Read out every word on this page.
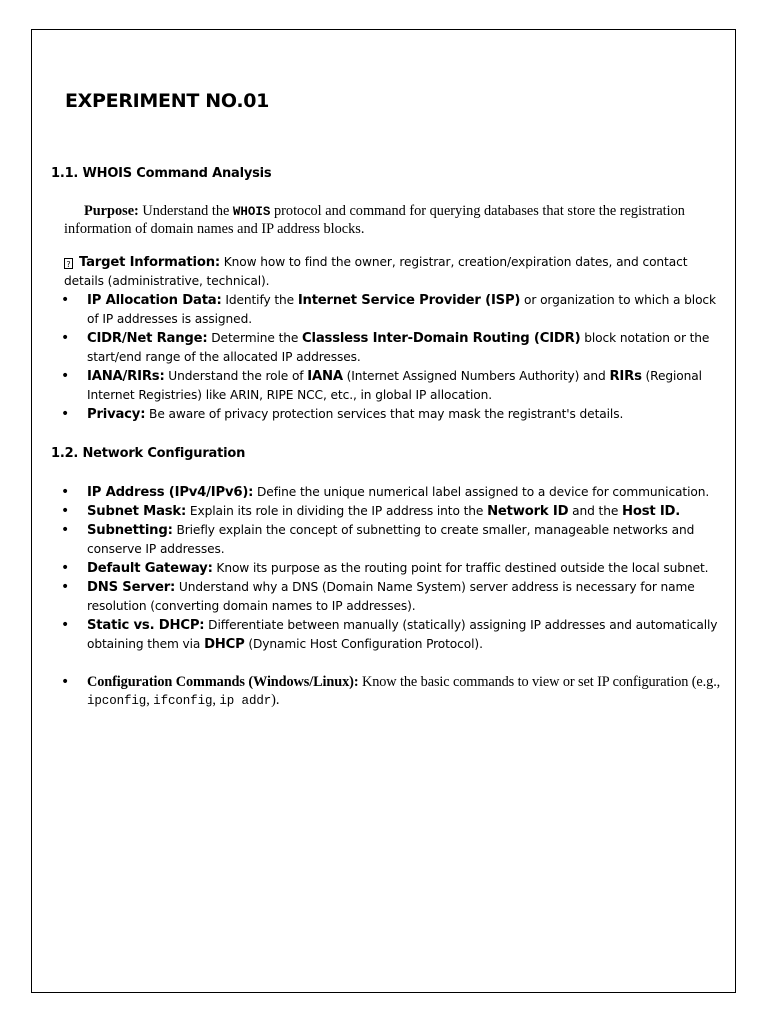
EXPERIMENT NO.01
1.1. WHOIS Command Analysis
Purpose: Understand the WHOIS protocol and command for querying databases that store the registration information of domain names and IP address blocks.
? Target Information: Know how to find the owner, registrar, creation/expiration dates, and contact details (administrative, technical).
• IP Allocation Data: Identify the Internet Service Provider (ISP) or organization to which a block of IP addresses is assigned.
• CIDR/Net Range: Determine the Classless Inter-Domain Routing (CIDR) block notation or the start/end range of the allocated IP addresses.
• IANA/RIRs: Understand the role of IANA (Internet Assigned Numbers Authority) and RIRs (Regional Internet Registries) like ARIN, RIPE NCC, etc., in global IP allocation.
• Privacy: Be aware of privacy protection services that may mask the registrant's details.
1.2. Network Configuration
• IP Address (IPv4/IPv6): Define the unique numerical label assigned to a device for communication.
• Subnet Mask: Explain its role in dividing the IP address into the Network ID and the Host ID.
• Subnetting: Briefly explain the concept of subnetting to create smaller, manageable networks and conserve IP addresses.
• Default Gateway: Know its purpose as the routing point for traffic destined outside the local subnet.
• DNS Server: Understand why a DNS (Domain Name System) server address is necessary for name resolution (converting domain names to IP addresses).
• Static vs. DHCP: Differentiate between manually (statically) assigning IP addresses and automatically obtaining them via DHCP (Dynamic Host Configuration Protocol).
• Configuration Commands (Windows/Linux): Know the basic commands to view or set IP configuration (e.g., ipconfig, ifconfig, ip addr).
